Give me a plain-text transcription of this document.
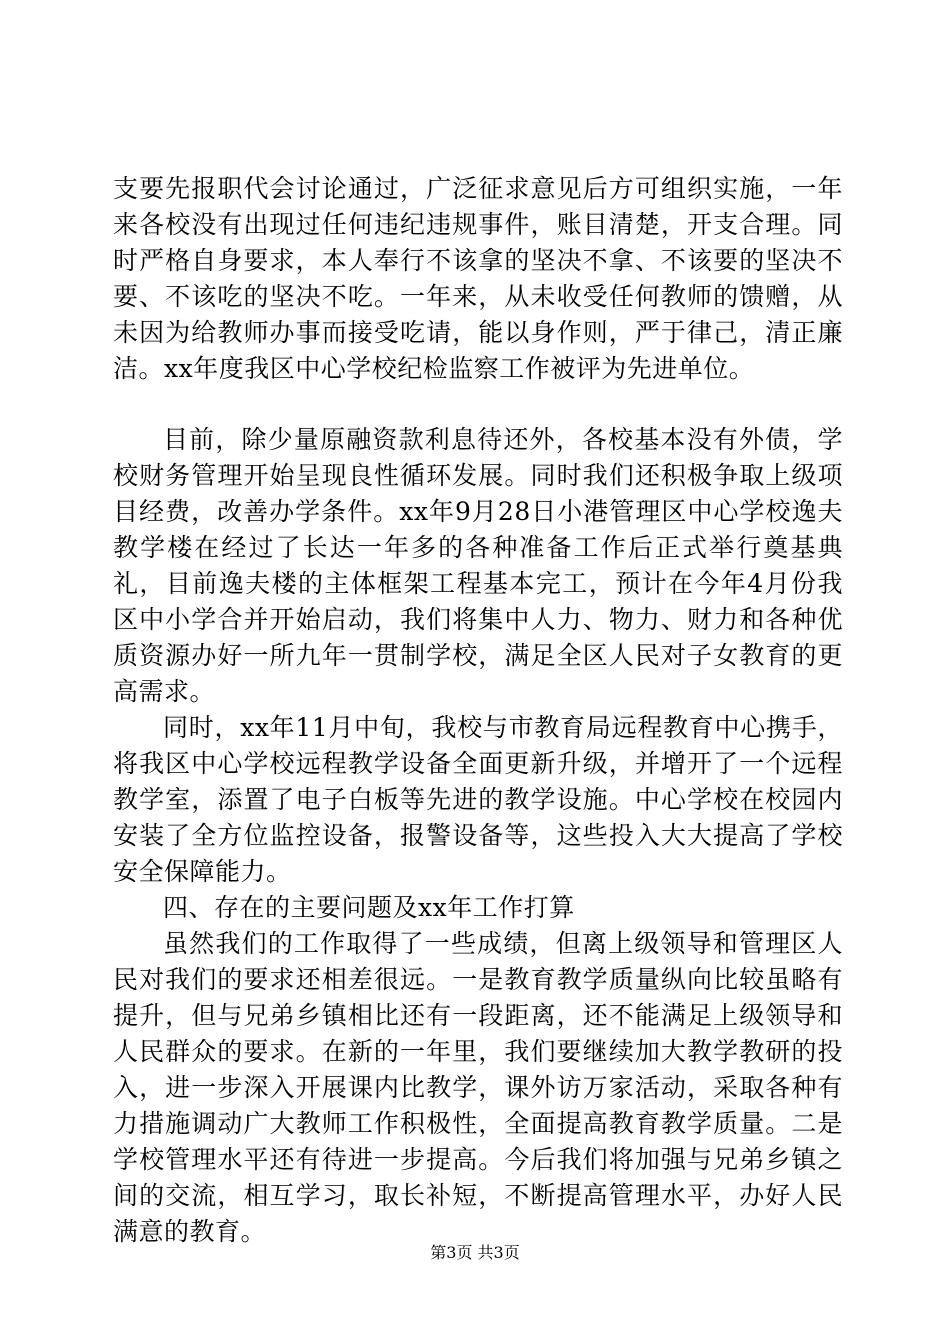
支要先报职代会讨论通过，广泛征求意见后方可组织实施，一年来各校没有出现过任何违纪违规事件，账目清楚，开支合理。同时严格自身要求，本人奉行不该拿的坚决不拿、不该要的坚决不要、不该吃的坚决不吃。一年来，从未收受任何教师的馈赠，从未因为给教师办事而接受吃请，能以身作则，严于律己，清正廉洁。xx年度我区中心学校纪检监察工作被评为先进单位。

目前，除少量原融资款利息待还外，各校基本没有外债，学校财务管理开始呈现良性循环发展。同时我们还积极争取上级项目经费，改善办学条件。xx年9月28日小港管理区中心学校逸夫教学楼在经过了长达一年多的各种准备工作后正式举行奠基典礼，目前逸夫楼的主体框架工程基本完工，预计在今年4月份我区中小学合并开始启动，我们将集中人力、物力、财力和各种优质资源办好一所九年一贯制学校，满足全区人民对子女教育的更高需求。

同时，xx年11月中旬，我校与市教育局远程教育中心携手，将我区中心学校远程教学设备全面更新升级，并增开了一个远程教学室，添置了电子白板等先进的教学设施。中心学校在校园内安装了全方位监控设备，报警设备等，这些投入大大提高了学校安全保障能力。

四、存在的主要问题及xx年工作打算

虽然我们的工作取得了一些成绩，但离上级领导和管理区人民对我们的要求还相差很远。一是教育教学质量纵向比较虽略有提升，但与兄弟乡镇相比还有一段距离，还不能满足上级领导和人民群众的要求。在新的一年里，我们要继续加大教学教研的投入，进一步深入开展课内比教学，课外访万家活动，采取各种有力措施调动广大教师工作积极性，全面提高教育教学质量。二是学校管理水平还有待进一步提高。今后我们将加强与兄弟乡镇之间的交流，相互学习，取长补短，不断提高管理水平，办好人民满意的教育。

第3页 共3页
